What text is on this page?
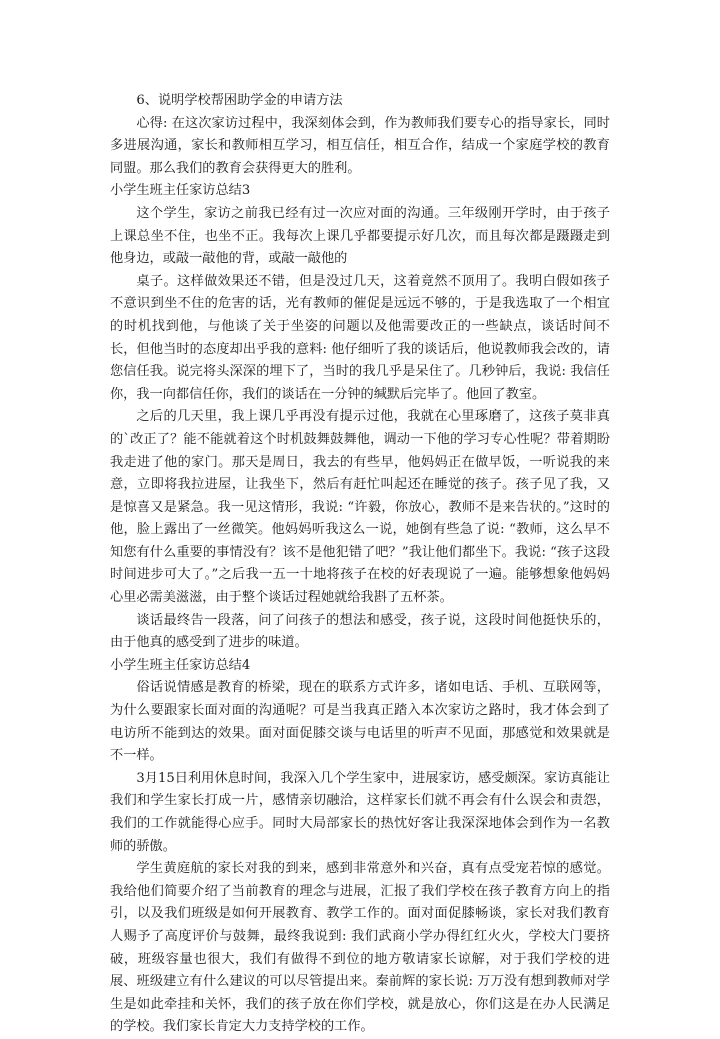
6、说明学校帮困助学金的申请方法

心得: 在这次家访过程中，我深刻体会到，作为教师我们要专心的指导家长，同时多进展沟通，家长和教师相互学习，相互信任，相互合作，结成一个家庭学校的教育同盟。那么我们的教育会获得更大的胜利。

小学生班主任家访总结3

这个学生，家访之前我已经有过一次应对面的沟通。三年级刚开学时，由于孩子上课总坐不住，也坐不正。我每次上课几乎都要提示好几次，而且每次都是蹑蹑走到他身边，或敲一敲他的背，或敲一敲他的

桌子。这样做效果还不错，但是没过几天，这着竟然不顶用了。我明白假如孩子不意识到坐不住的危害的话，光有教师的催促是远远不够的，于是我选取了一个相宜的时机找到他，与他谈了关于坐姿的问题以及他需要改正的一些缺点，谈话时间不长，但他当时的态度却出乎我的意料: 他仔细听了我的谈话后，他说教师我会改的，请您信任我。说完将头深深的埋下了，当时的我几乎是呆住了。几秒钟后，我说: 我信任你，我一向都信任你，我们的谈话在一分钟的缄默后完毕了。他回了教室。

之后的几天里，我上课几乎再没有提示过他，我就在心里琢磨了，这孩子莫非真的`改正了？能不能就着这个时机鼓舞鼓舞他，调动一下他的学习专心性呢？带着期盼我走进了他的家门。那天是周日，我去的有些早，他妈妈正在做早饭，一听说我的来意，立即将我拉进屋，让我坐下，然后有赶忙叫起还在睡觉的孩子。孩子见了我，又是惊喜又是紧急。我一见这情形，我说: “许毅，你放心，教师不是来告状的。”这时的他，脸上露出了一丝微笑。他妈妈听我这么一说，她倒有些急了说: “教师，这么早不知您有什么重要的事情没有？该不是他犯错了吧？”我让他们都坐下。我说: “孩子这段时间进步可大了。”之后我一五一十地将孩子在校的好表现说了一遍。能够想象他妈妈心里必需美滋滋，由于整个谈话过程她就给我斟了五杯茶。

谈话最终告一段落，问了问孩子的想法和感受，孩子说，这段时间他挺快乐的，由于他真的感受到了进步的味道。

小学生班主任家访总结4

俗话说情感是教育的桥梁，现在的联系方式许多，诸如电话、手机、互联网等，为什么要跟家长面对面的沟通呢？可是当我真正踏入本次家访之路时，我才体会到了电访所不能到达的效果。面对面促膝交谈与电话里的听声不见面，那感觉和效果就是不一样。

3月15日利用休息时间，我深入几个学生家中，进展家访，感受颇深。家访真能让我们和学生家长打成一片，感情亲切融洽，这样家长们就不再会有什么误会和责怨，我们的工作就能得心应手。同时大局部家长的热忱好客让我深深地体会到作为一名教师的骄傲。

学生黄庭航的家长对我的到来，感到非常意外和兴奋，真有点受宠若惊的感觉。我给他们简要介绍了当前教育的理念与进展，汇报了我们学校在孩子教育方向上的指引，以及我们班级是如何开展教育、教学工作的。面对面促膝畅谈，家长对我们教育人赐予了高度评价与鼓舞，最终我说到: 我们武商小学办得红红火火，学校大门要挤破，班级容量也很大，我们有做得不到位的地方敬请家长谅解，对于我们学校的进展、班级建立有什么建议的可以尽管提出来。秦前辉的家长说: 万万没有想到教师对学生是如此牵挂和关怀，我们的孩子放在你们学校，就是放心，你们这是在办人民满足的学校。我们家长肯定大力支持学校的工作。
